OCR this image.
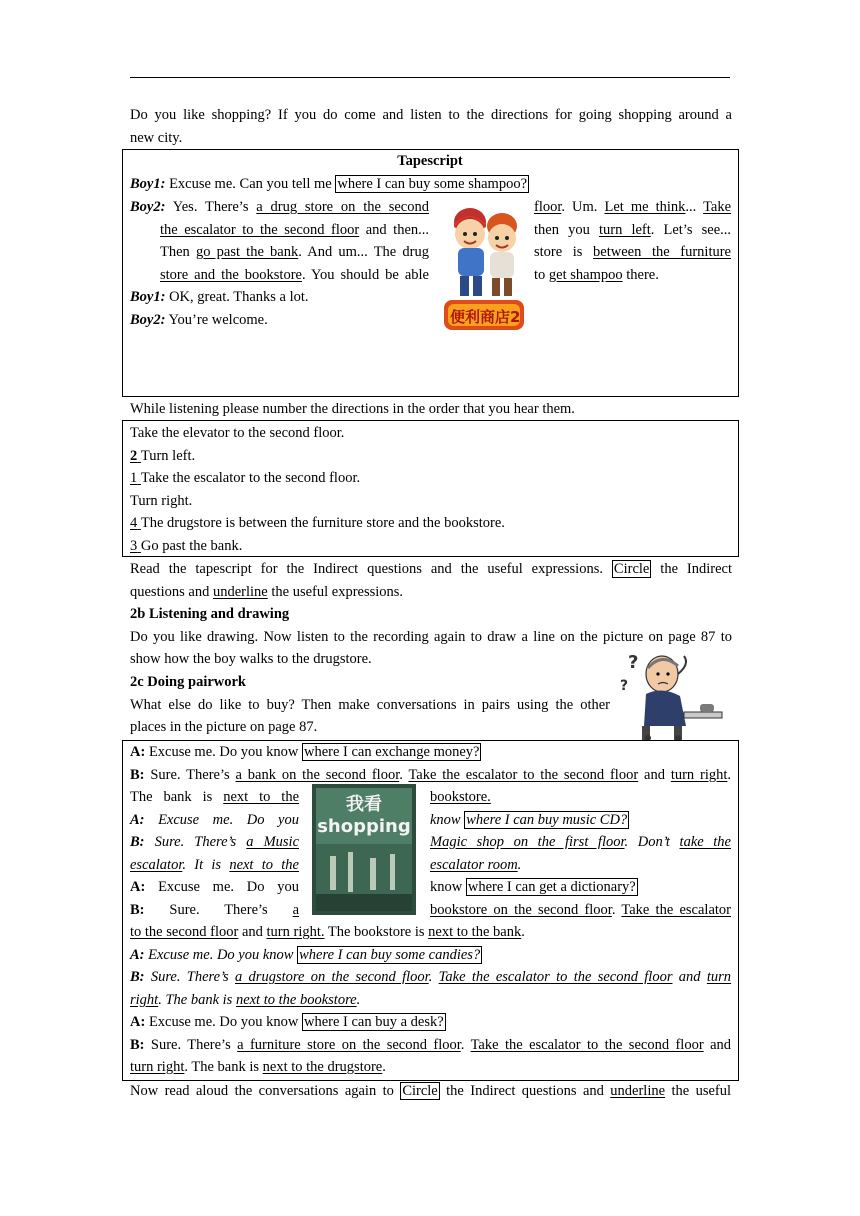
Do you like shopping? If you do come and listen to the directions for going shopping around a
new city.
Tapescript
Boy1: Excuse me. Can you tell me where I can buy some shampoo?
Boy2: Yes. There’s a drug store on the second
the escalator to the second floor and then...
Then go past the bank. And um... The drug
store and the bookstore. You should be able
floor. Um. Let me think... Take
then you turn left. Let’s see...
store is between the furniture
to get shampoo there.
Boy1: OK, great. Thanks a lot.
Boy2: You’re welcome.	便利商店2
While listening please number the directions in the order that you hear them.
Take the elevator to the second floor.
2 Turn left.
1 Take the escalator to the second floor.
Turn right.
4 The drugstore is between the furniture store and the bookstore.
3 Go past the bank.
Read the tapescript for the Indirect questions and the useful expressions. Circle the Indirect
questions and underline the useful expressions.
2b Listening and drawing
Do you like drawing. Now listen to the recording again to draw a line on the picture on page 87 to
show how the boy walks to the drugstore.
2c Doing pairwork
What else do like to buy? Then make conversations in pairs using the other
places in the picture on page 87.
?
?
A: Excuse me. Do you know where I can exchange money?
B: Sure. There’s a bank on the second floor. Take the escalator to the second floor and turn right.
The bank is next to the
A: Excuse me. Do you
B: Sure. There’s a Music
escalator. It is next to the
A: Excuse me. Do you
B: Sure. There’s a
bookstore.
know where I can buy music CD?
Magic shop on the first floor. Don’t take the
escalator room.
know where I can get a dictionary?
bookstore on the second floor. Take the escalator
我看
shopping
to the second floor and turn right. The bookstore is next to the bank.
A: Excuse me. Do you know where I can buy some candies?
B: Sure. There’s a drugstore on the second floor. Take the escalator to the second floor and turn
right. The bank is next to the bookstore.
A: Excuse me. Do you know where I can buy a desk?
B: Sure. There’s a furniture store on the second floor. Take the escalator to the second floor and
turn right. The bank is next to the drugstore.
Now read aloud the conversations again to Circle the Indirect questions and underline the useful
